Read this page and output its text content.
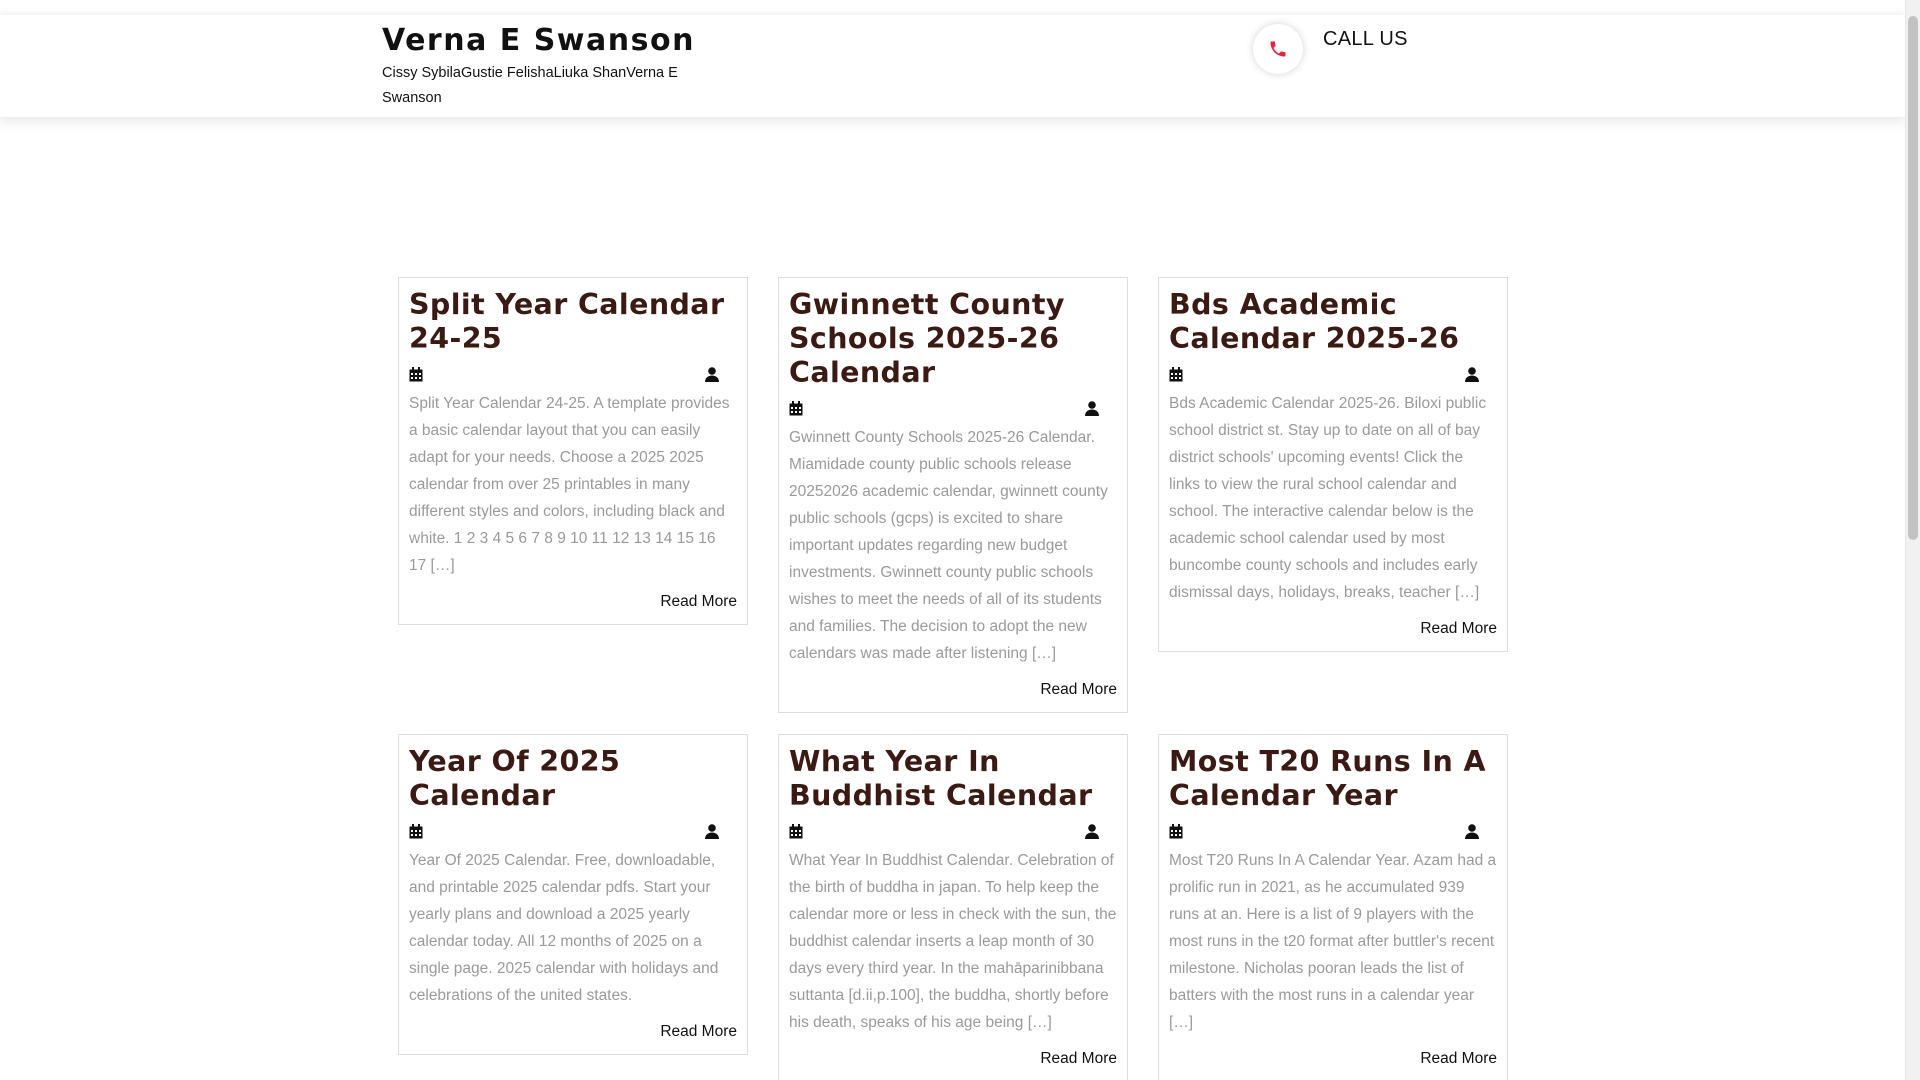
Verna E Swanson
Cissy SybilaGustie FelishaLiuka ShanVerna E Swanson
CALL US
Split Year Calendar 24-25

Split Year Calendar 24-25. A template provides a basic calendar layout that you can easily adapt for your needs. Choose a 2025 2025 calendar from over 25 printables in many different styles and colors, including black and white. 1 2 3 4 5 6 7 8 9 10 11 12 13 14 15 16 17 […]

Read More
Gwinnett County Schools 2025-26 Calendar

Gwinnett County Schools 2025-26 Calendar. Miamidade county public schools release 20252026 academic calendar, gwinnett county public schools (gcps) is excited to share important updates regarding new budget investments. Gwinnett county public schools wishes to meet the needs of all of its students and families. The decision to adopt the new calendars was made after listening […]

Read More
Bds Academic Calendar 2025-26

Bds Academic Calendar 2025-26. Biloxi public school district st. Stay up to date on all of bay district schools' upcoming events! Click the links to view the rural school calendar and school. The interactive calendar below is the academic school calendar used by most buncombe county schools and includes early dismissal days, holidays, breaks, teacher […]

Read More
Year Of 2025 Calendar

Year Of 2025 Calendar. Free, downloadable, and printable 2025 calendar pdfs. Start your yearly plans and download a 2025 yearly calendar today. All 12 months of 2025 on a single page. 2025 calendar with holidays and celebrations of the united states.

Read More
What Year In Buddhist Calendar

What Year In Buddhist Calendar. Celebration of the birth of buddha in japan. To help keep the calendar more or less in check with the sun, the buddhist calendar inserts a leap month of 30 days every third year. In the mahāparinibbana suttanta [d.ii,p.100], the buddha, shortly before his death, speaks of his age being […]

Read More
Most T20 Runs In A Calendar Year

Most T20 Runs In A Calendar Year. Azam had a prolific run in 2021, as he accumulated 939 runs at an. Here is a list of 9 players with the most runs in the t20 format after buttler's recent milestone. Nicholas pooran leads the list of batters with the most runs in a calendar year […]

Read More
